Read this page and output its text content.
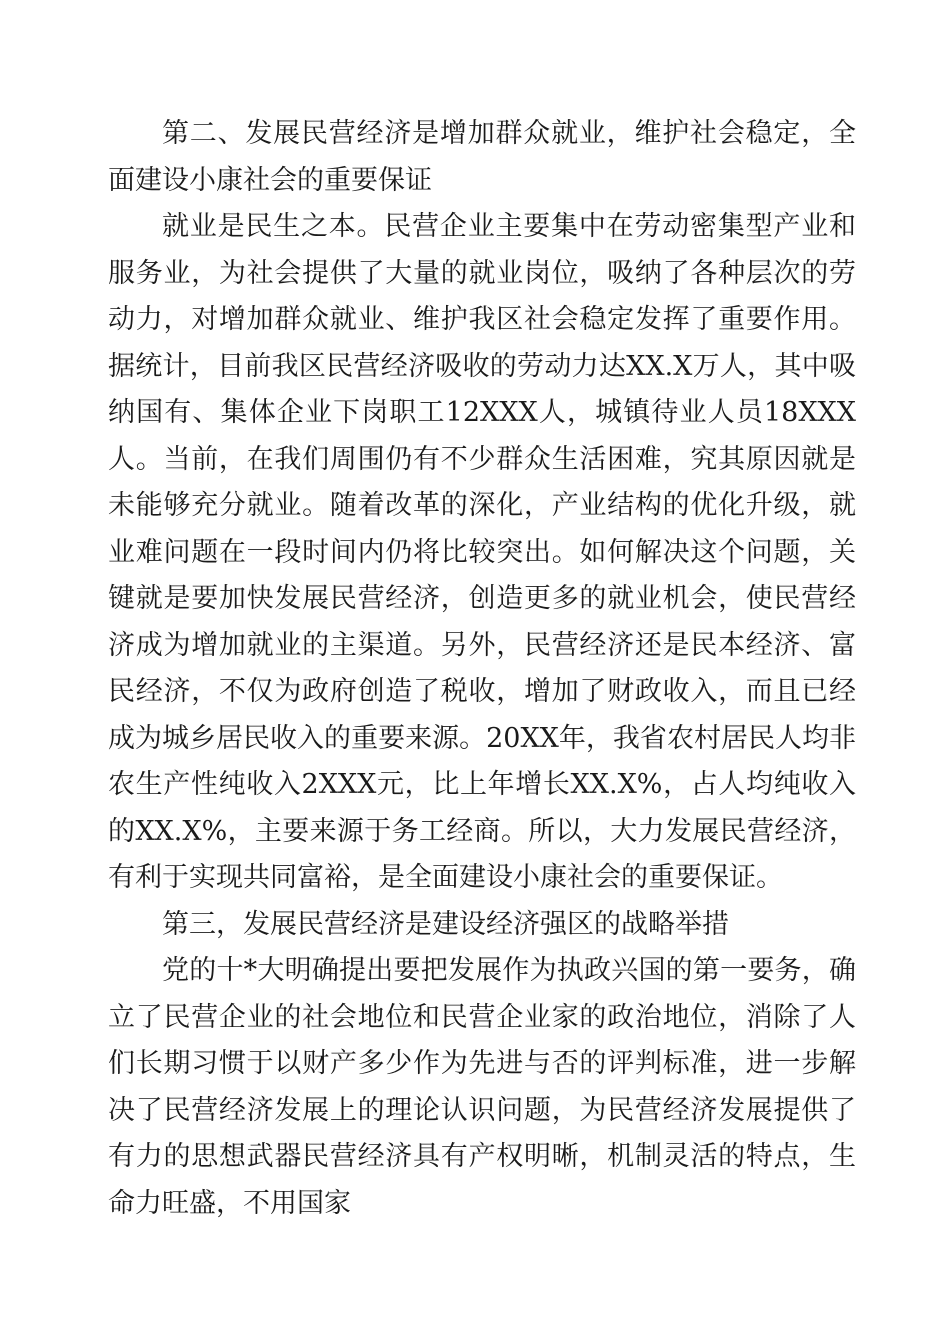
第二、发展民营经济是增加群众就业，维护社会稳定，全面建设小康社会的重要保证

就业是民生之本。民营企业主要集中在劳动密集型产业和服务业，为社会提供了大量的就业岗位，吸纳了各种层次的劳动力，对增加群众就业、维护我区社会稳定发挥了重要作用。据统计，目前我区民营经济吸收的劳动力达XX.X万人，其中吸纳国有、集体企业下岗职工12XXX人，城镇待业人员18XXX人。当前，在我们周围仍有不少群众生活困难，究其原因就是未能够充分就业。随着改革的深化，产业结构的优化升级，就业难问题在一段时间内仍将比较突出。如何解决这个问题，关键就是要加快发展民营经济，创造更多的就业机会，使民营经济成为增加就业的主渠道。另外，民营经济还是民本经济、富民经济，不仅为政府创造了税收，增加了财政收入，而且已经成为城乡居民收入的重要来源。20XX年，我省农村居民人均非农生产性纯收入2XXX元，比上年增长XX.X%，占人均纯收入的XX.X%，主要来源于务工经商。所以，大力发展民营经济，有利于实现共同富裕，是全面建设小康社会的重要保证。

第三，发展民营经济是建设经济强区的战略举措

党的十*大明确提出要把发展作为执政兴国的第一要务，确立了民营企业的社会地位和民营企业家的政治地位，消除了人们长期习惯于以财产多少作为先进与否的评判标准，进一步解决了民营经济发展上的理论认识问题，为民营经济发展提供了有力的思想武器民营经济具有产权明晰，机制灵活的特点，生命力旺盛，不用国家
